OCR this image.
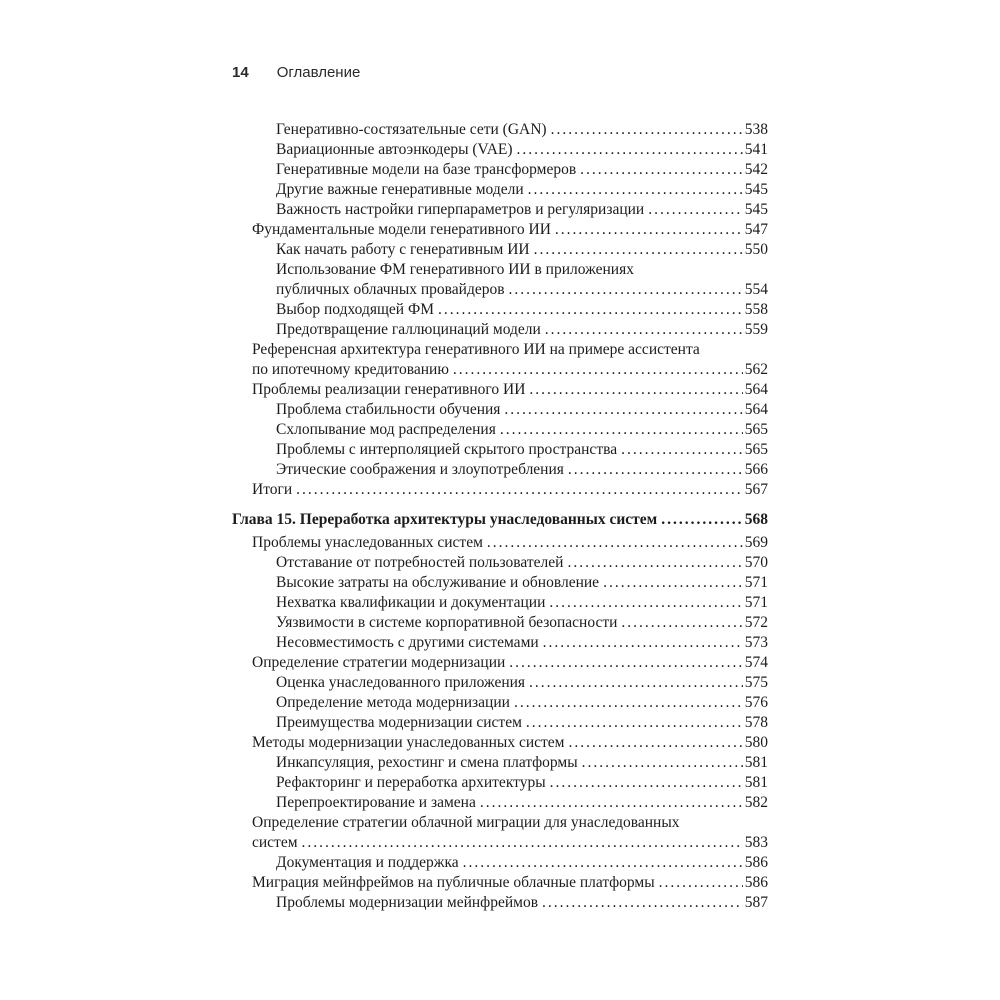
14 Оглавление
Генеративно-состязательные сети (GAN) .....	538
Вариационные автоэнкодеры (VAE) .....	541
Генеративные модели на базе трансформеров .....	542
Другие важные генеративные модели .....	545
Важность настройки гиперпараметров и регуляризации .....	545
Фундаментальные модели генеративного ИИ .....	547
Как начать работу с генеративным ИИ .....	550
Использование ФМ генеративного ИИ в приложениях
публичных облачных провайдеров .....	554
Выбор подходящей ФМ .....	558
Предотвращение галлюцинаций модели .....	559
Референсная архитектура генеративного ИИ на примере ассистента
по ипотечному кредитованию .....	562
Проблемы реализации генеративного ИИ .....	564
Проблема стабильности обучения .....	564
Схлопывание мод распределения .....	565
Проблемы с интерполяцией скрытого пространства .....	565
Этические соображения и злоупотребления .....	566
Итоги .....	567
Глава 15. Переработка архитектуры унаследованных систем .....	568
Проблемы унаследованных систем .....	569
Отставание от потребностей пользователей .....	570
Высокие затраты на обслуживание и обновление .....	571
Нехватка квалификации и документации .....	571
Уязвимости в системе корпоративной безопасности .....	572
Несовместимость с другими системами .....	573
Определение стратегии модернизации .....	574
Оценка унаследованного приложения .....	575
Определение метода модернизации .....	576
Преимущества модернизации систем .....	578
Методы модернизации унаследованных систем .....	580
Инкапсуляция, рехостинг и смена платформы .....	581
Рефакторинг и переработка архитектуры .....	581
Перепроектирование и замена .....	582
Определение стратегии облачной миграции для унаследованных
систем .....	583
Документация и поддержка .....	586
Миграция мейнфреймов на публичные облачные платформы .....	586
Проблемы модернизации мейнфреймов .....	587
